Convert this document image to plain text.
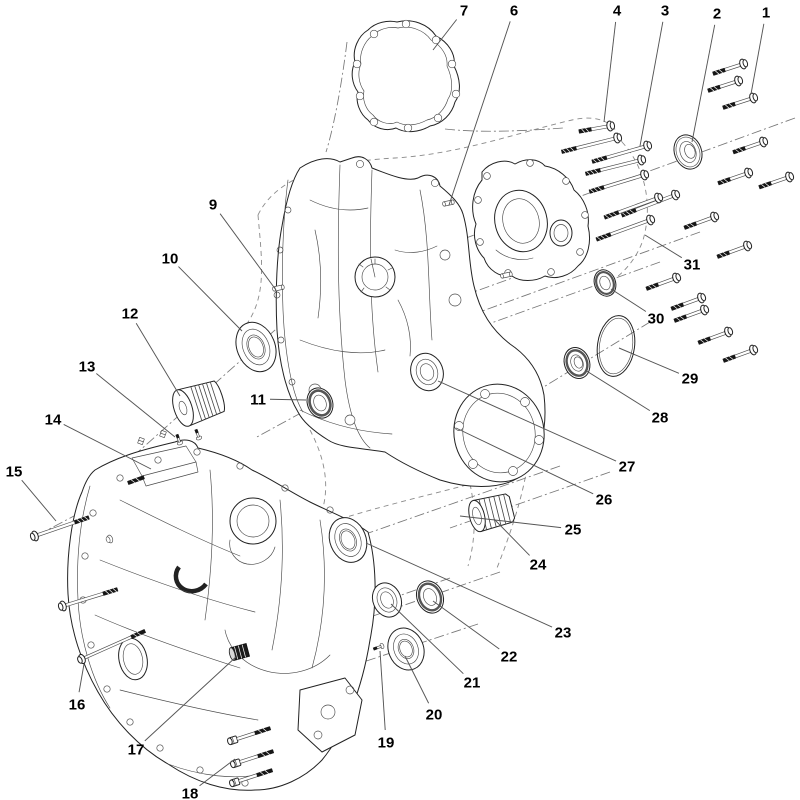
1
2
3
4
6
7
9
10
11
12
13
14
15
16
17
18
19
20
21
22
23
24
25
26
27
28
29
30
31
